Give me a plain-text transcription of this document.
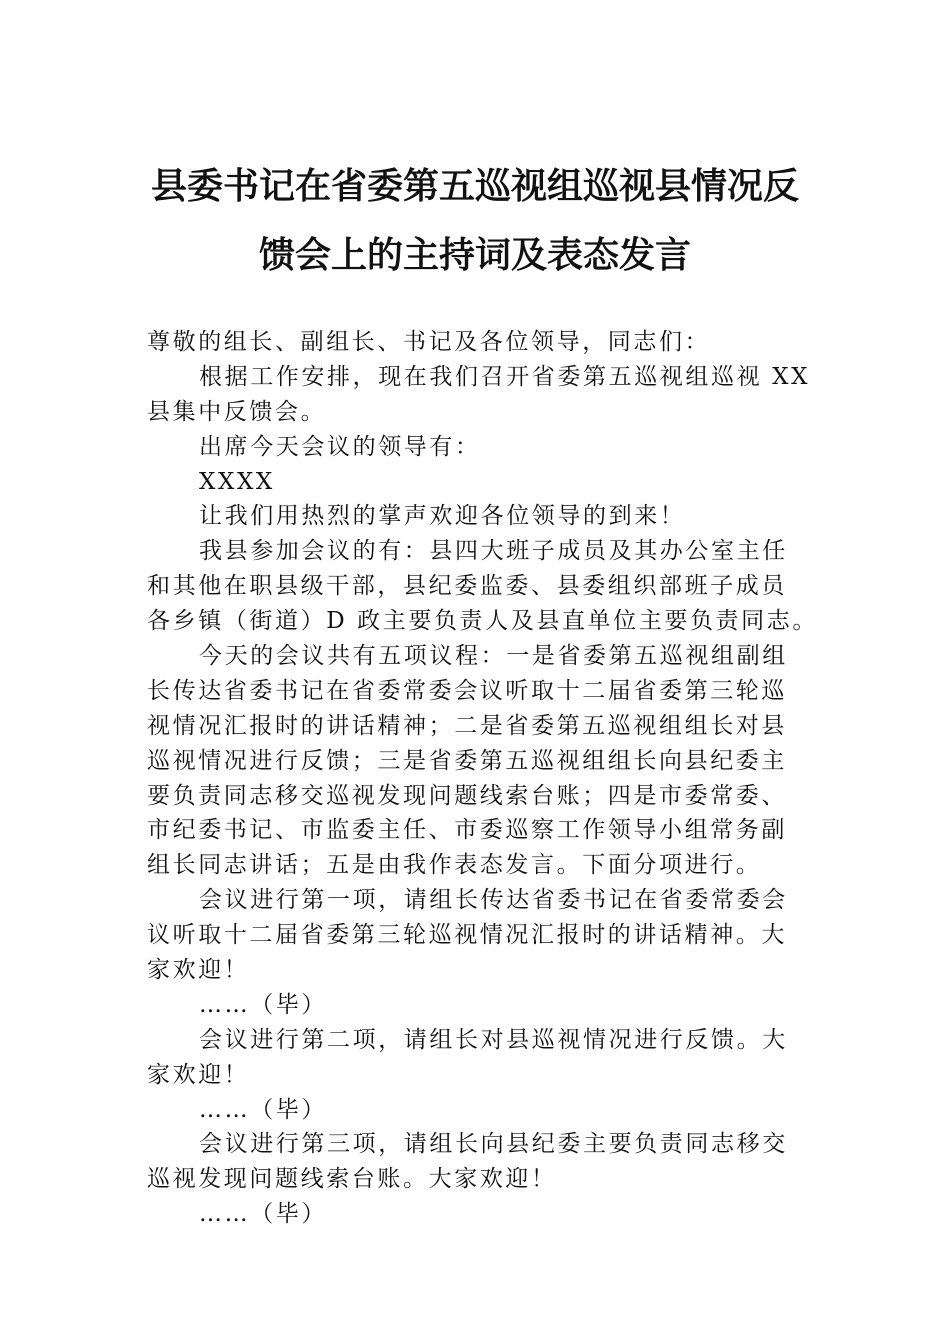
县委书记在省委第五巡视组巡视县情况反
馈会上的主持词及表态发言
尊敬的组长、副组长、书记及各位领导，同志们：
根据工作安排，现在我们召开省委第五巡视组巡视 XX
县集中反馈会。
出席今天会议的领导有：
XXXX
让我们用热烈的掌声欢迎各位领导的到来！
我县参加会议的有：县四大班子成员及其办公室主任
和其他在职县级干部，县纪委监委、县委组织部班子成员
各乡镇（街道）D 政主要负责人及县直单位主要负责同志。
今天的会议共有五项议程：一是省委第五巡视组副组
长传达省委书记在省委常委会议听取十二届省委第三轮巡
视情况汇报时的讲话精神；二是省委第五巡视组组长对县
巡视情况进行反馈；三是省委第五巡视组组长向县纪委主
要负责同志移交巡视发现问题线索台账；四是市委常委、
市纪委书记、市监委主任、市委巡察工作领导小组常务副
组长同志讲话；五是由我作表态发言。下面分项进行。
会议进行第一项，请组长传达省委书记在省委常委会
议听取十二届省委第三轮巡视情况汇报时的讲话精神。大
家欢迎！
……（毕）
会议进行第二项，请组长对县巡视情况进行反馈。大
家欢迎！
……（毕）
会议进行第三项，请组长向县纪委主要负责同志移交
巡视发现问题线索台账。大家欢迎！
……（毕）
